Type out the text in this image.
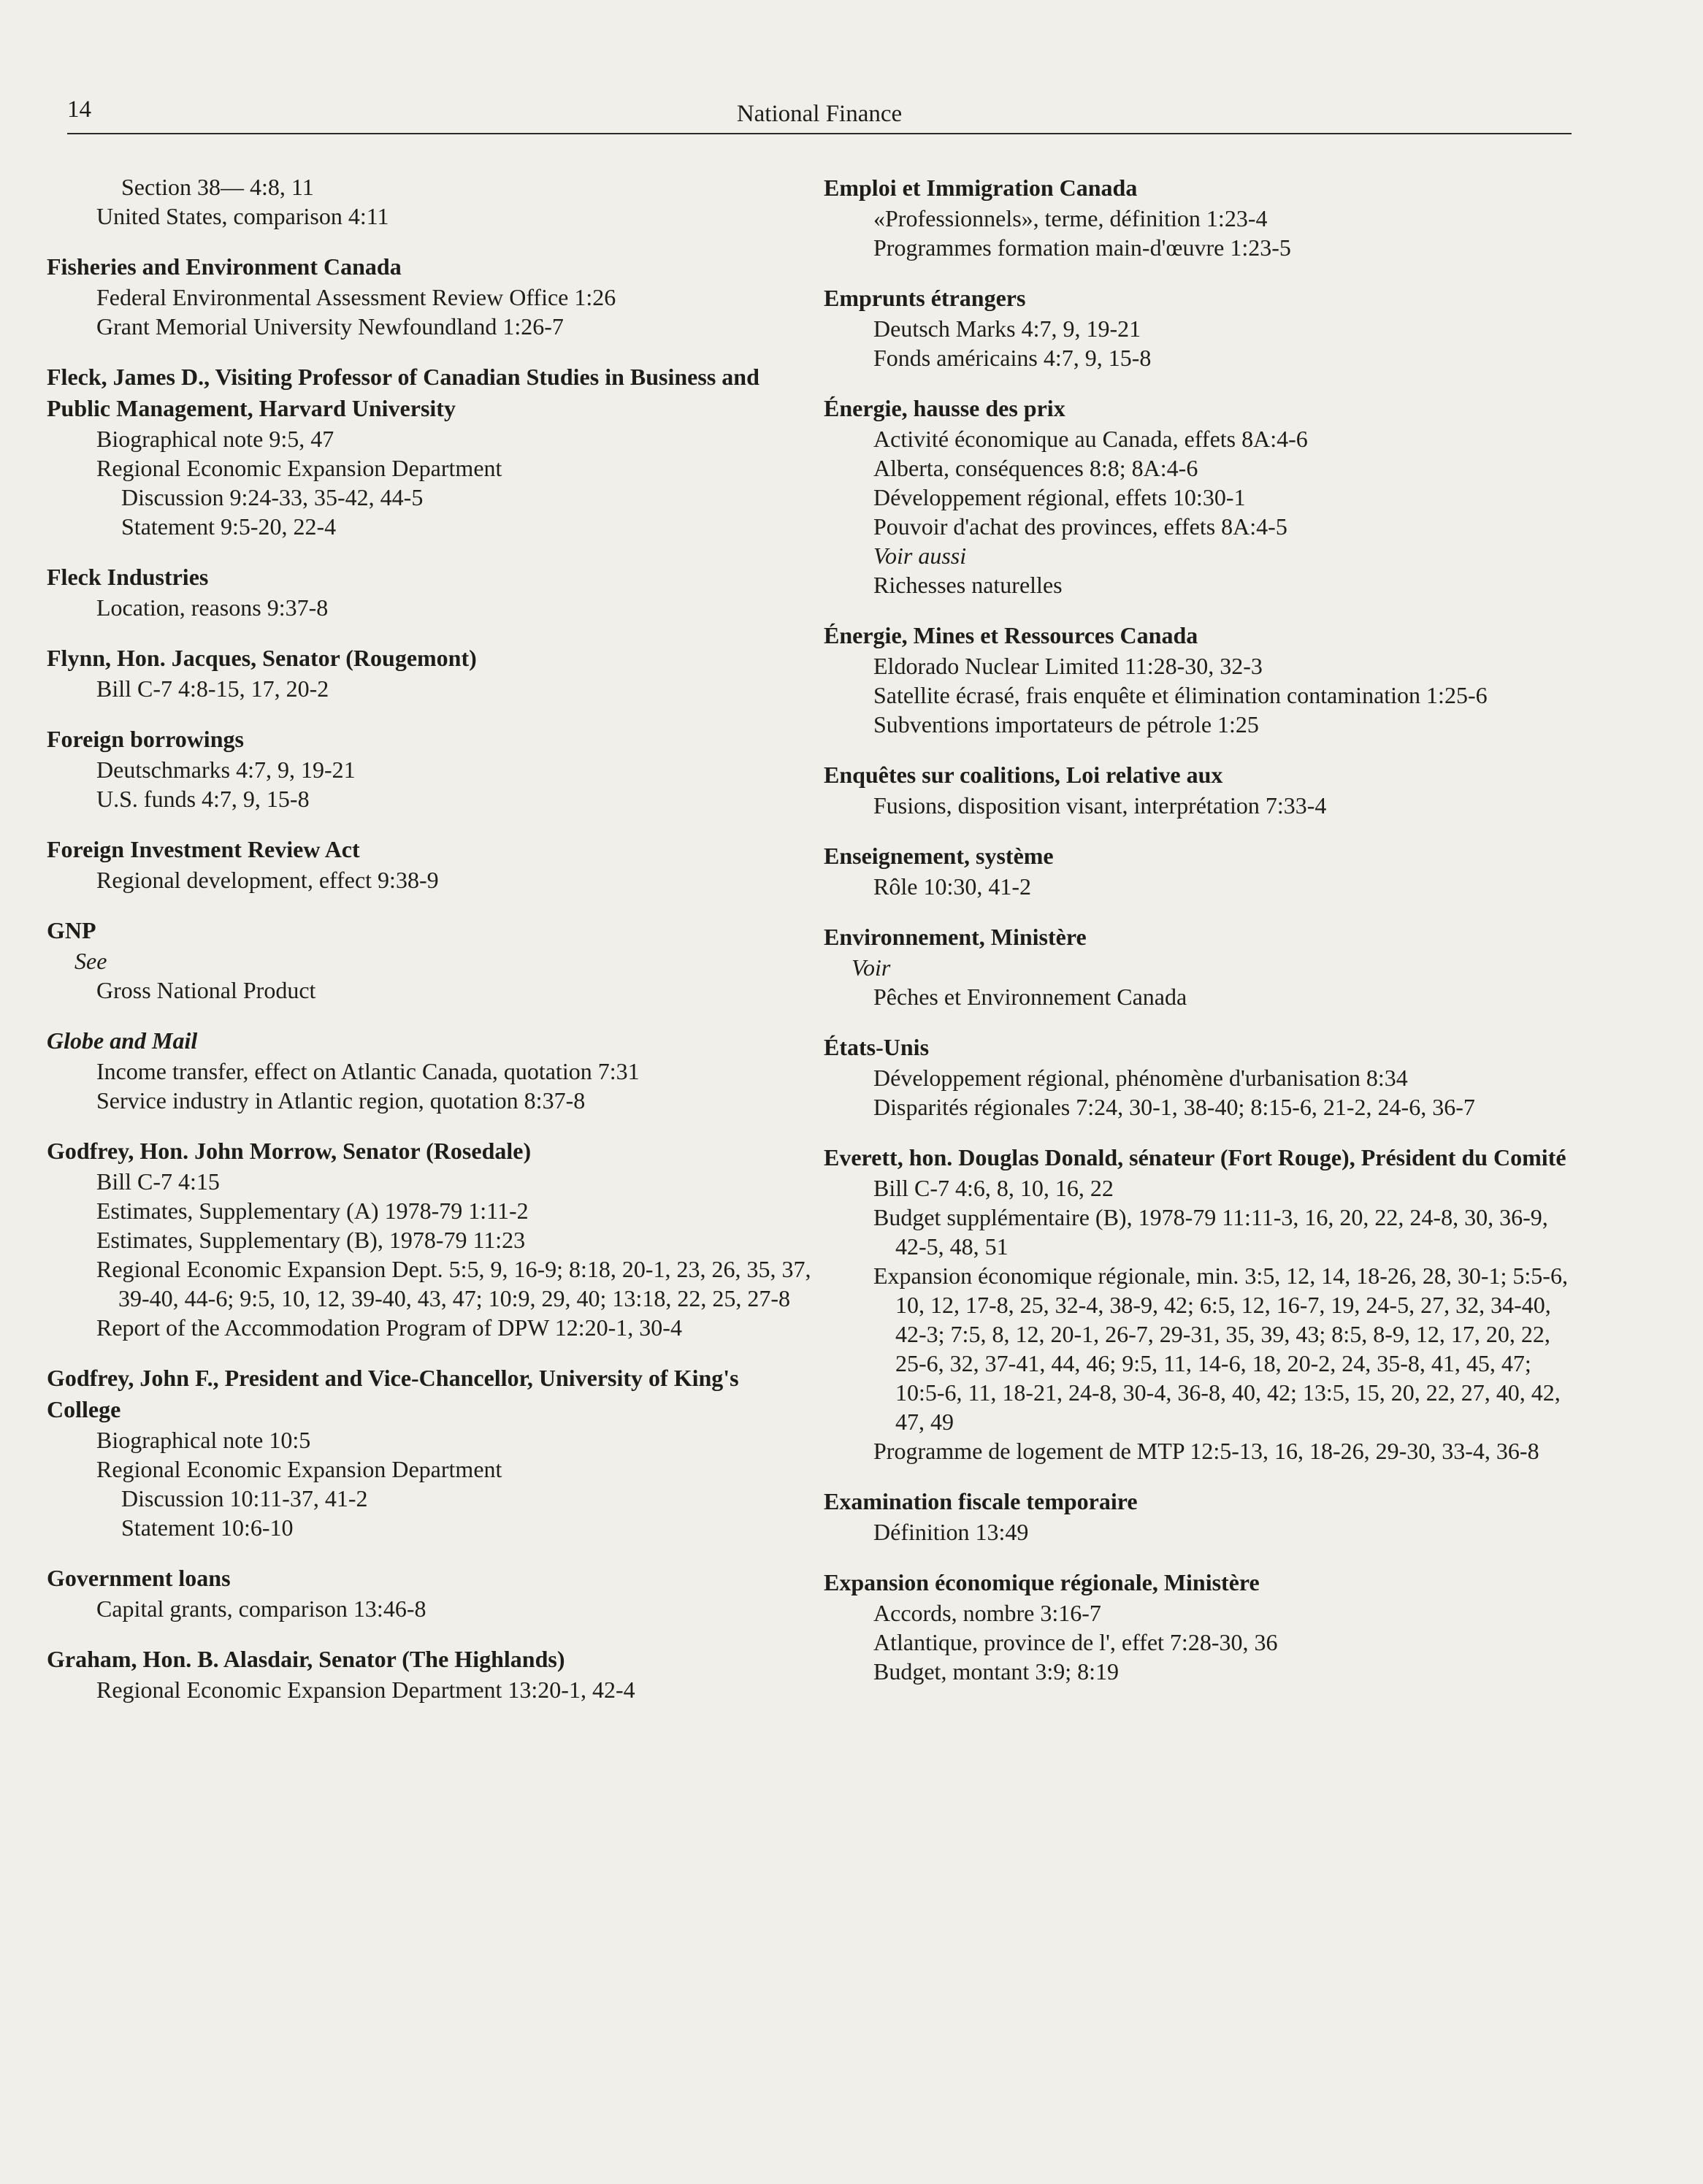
14	National Finance
Section 38— 4:8, 11
United States, comparison 4:11
Fisheries and Environment Canada
Federal Environmental Assessment Review Office 1:26
Grant Memorial University Newfoundland 1:26-7
Fleck, James D., Visiting Professor of Canadian Studies in Business and Public Management, Harvard University
Biographical note 9:5, 47
Regional Economic Expansion Department
Discussion 9:24-33, 35-42, 44-5
Statement 9:5-20, 22-4
Fleck Industries
Location, reasons 9:37-8
Flynn, Hon. Jacques, Senator (Rougemont)
Bill C-7 4:8-15, 17, 20-2
Foreign borrowings
Deutschmarks 4:7, 9, 19-21
U.S. funds 4:7, 9, 15-8
Foreign Investment Review Act
Regional development, effect 9:38-9
GNP
See
Gross National Product
Globe and Mail
Income transfer, effect on Atlantic Canada, quotation 7:31
Service industry in Atlantic region, quotation 8:37-8
Godfrey, Hon. John Morrow, Senator (Rosedale)
Bill C-7 4:15
Estimates, Supplementary (A) 1978-79 1:11-2
Estimates, Supplementary (B), 1978-79 11:23
Regional Economic Expansion Dept. 5:5, 9, 16-9; 8:18, 20-1, 23, 26, 35, 37, 39-40, 44-6; 9:5, 10, 12, 39-40, 43, 47; 10:9, 29, 40; 13:18, 22, 25, 27-8
Report of the Accommodation Program of DPW 12:20-1, 30-4
Godfrey, John F., President and Vice-Chancellor, University of King's College
Biographical note 10:5
Regional Economic Expansion Department
Discussion 10:11-37, 41-2
Statement 10:6-10
Government loans
Capital grants, comparison 13:46-8
Graham, Hon. B. Alasdair, Senator (The Highlands)
Regional Economic Expansion Department 13:20-1, 42-4
Emploi et Immigration Canada
«Professionnels», terme, définition 1:23-4
Programmes formation main-d'œuvre 1:23-5
Emprunts étrangers
Deutsch Marks 4:7, 9, 19-21
Fonds américains 4:7, 9, 15-8
Énergie, hausse des prix
Activité économique au Canada, effets 8A:4-6
Alberta, conséquences 8:8; 8A:4-6
Développement régional, effets 10:30-1
Pouvoir d'achat des provinces, effets 8A:4-5
Voir aussi
Richesses naturelles
Énergie, Mines et Ressources Canada
Eldorado Nuclear Limited 11:28-30, 32-3
Satellite écrasé, frais enquête et élimination contamination 1:25-6
Subventions importateurs de pétrole 1:25
Enquêtes sur coalitions, Loi relative aux
Fusions, disposition visant, interprétation 7:33-4
Enseignement, système
Rôle 10:30, 41-2
Environnement, Ministère
Voir
Pêches et Environnement Canada
États-Unis
Développement régional, phénomène d'urbanisation 8:34
Disparités régionales 7:24, 30-1, 38-40; 8:15-6, 21-2, 24-6, 36-7
Everett, hon. Douglas Donald, sénateur (Fort Rouge), Président du Comité
Bill C-7 4:6, 8, 10, 16, 22
Budget supplémentaire (B), 1978-79 11:11-3, 16, 20, 22, 24-8, 30, 36-9, 42-5, 48, 51
Expansion économique régionale, min. 3:5, 12, 14, 18-26, 28, 30-1; 5:5-6, 10, 12, 17-8, 25, 32-4, 38-9, 42; 6:5, 12, 16-7, 19, 24-5, 27, 32, 34-40, 42-3; 7:5, 8, 12, 20-1, 26-7, 29-31, 35, 39, 43; 8:5, 8-9, 12, 17, 20, 22, 25-6, 32, 37-41, 44, 46; 9:5, 11, 14-6, 18, 20-2, 24, 35-8, 41, 45, 47; 10:5-6, 11, 18-21, 24-8, 30-4, 36-8, 40, 42; 13:5, 15, 20, 22, 27, 40, 42, 47, 49
Programme de logement de MTP 12:5-13, 16, 18-26, 29-30, 33-4, 36-8
Examination fiscale temporaire
Définition 13:49
Expansion économique régionale, Ministère
Accords, nombre 3:16-7
Atlantique, province de l', effet 7:28-30, 36
Budget, montant 3:9; 8:19
